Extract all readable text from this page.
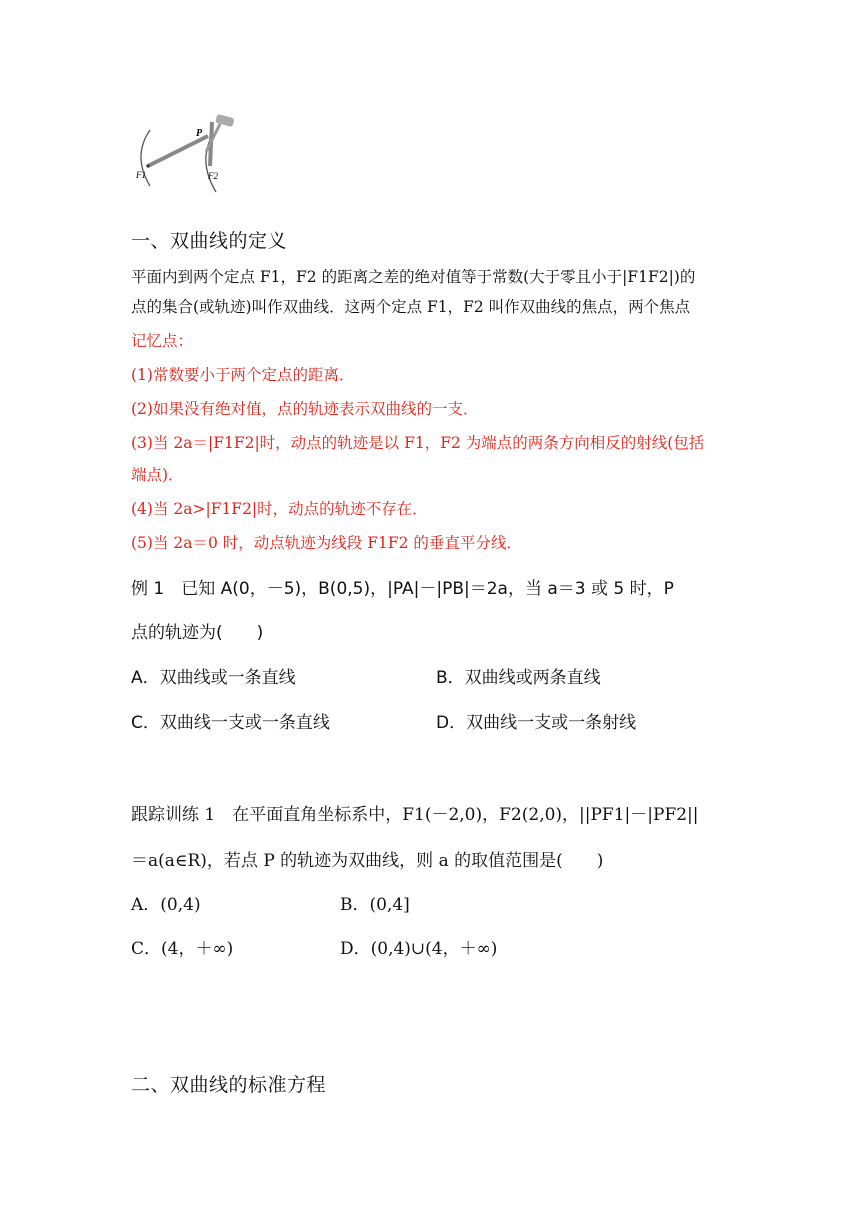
P
F1	F2
一、双曲线的定义
平面内到两个定点 F1，F2 的距离之差的绝对值等于常数(大于零且小于|F1F2|)的
点的集合(或轨迹)叫作双曲线．这两个定点 F1，F2 叫作双曲线的焦点，两个焦点
记忆点：
(1)常数要小于两个定点的距离．
(2)如果没有绝对值，点的轨迹表示双曲线的一支．
(3)当 2a＝|F1F2|时，动点的轨迹是以 F1，F2 为端点的两条方向相反的射线(包括
端点)．
(4)当 2a>|F1F2|时，动点的轨迹不存在．
(5)当 2a＝0 时，动点轨迹为线段 F1F2 的垂直平分线．
例 1　已知 A(0，－5)，B(0,5)，|PA|－|PB|＝2a，当 a＝3 或 5 时，P
点的轨迹为(　　)
A．双曲线或一条直线	B．双曲线或两条直线
C．双曲线一支或一条直线	D．双曲线一支或一条射线
跟踪训练 1　在平面直角坐标系中，F1(－2,0)，F2(2,0)，||PF1|－|PF2||
＝a(a∈R)，若点 P 的轨迹为双曲线，则 a 的取值范围是(　　)
A．(0,4)	B．(0,4]
C．(4，＋∞)	D．(0,4)∪(4，＋∞)
二、双曲线的标准方程
